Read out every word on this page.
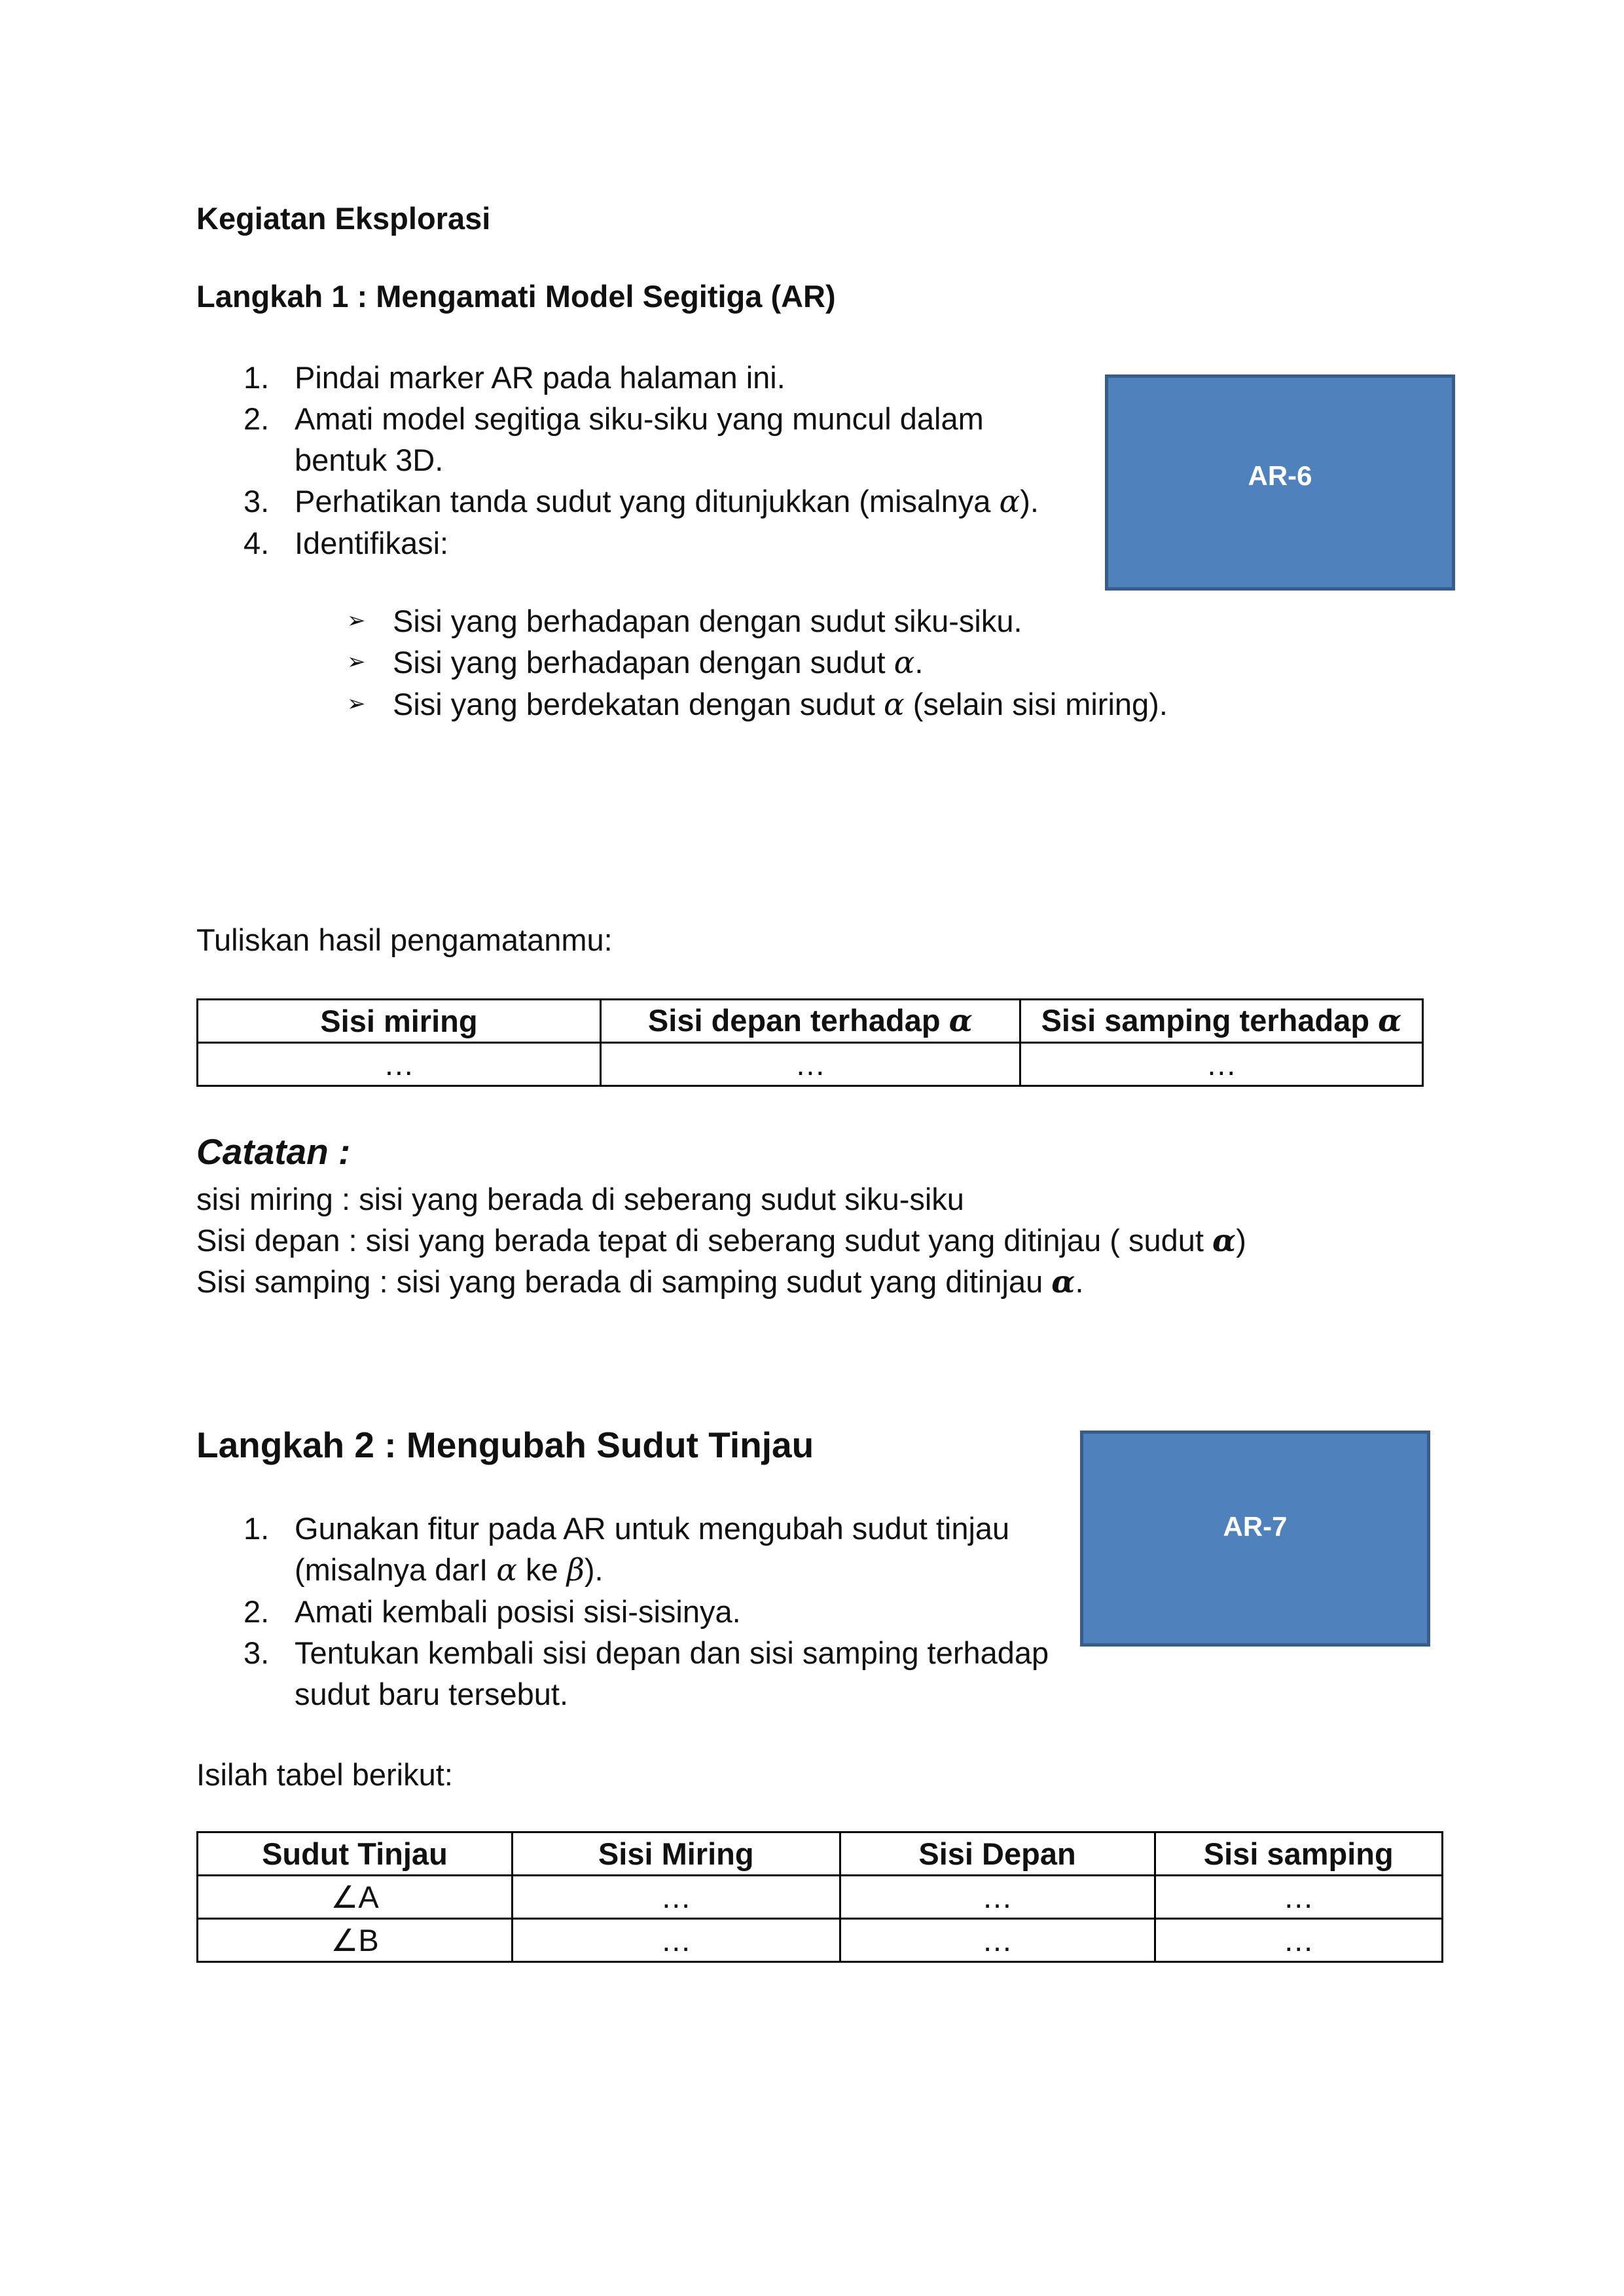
Kegiatan Eksplorasi
Langkah 1 : Mengamati Model Segitiga (AR)
1. Pindai marker AR pada halaman ini.
2. Amati model segitiga siku-siku yang muncul dalam
bentuk 3D.
3. Perhatikan tanda sudut yang ditunjukkan (misalnya α).
4. Identifikasi:
AR-6
➢ Sisi yang berhadapan dengan sudut siku-siku.
➢ Sisi yang berhadapan dengan sudut α.
➢ Sisi yang berdekatan dengan sudut α (selain sisi miring).
Tuliskan hasil pengamatanmu:
Sisi miring	Sisi depan terhadap α	Sisi samping terhadap α
…	…	…
Catatan :
sisi miring : sisi yang berada di seberang sudut siku-siku
Sisi depan : sisi yang berada tepat di seberang sudut yang ditinjau ( sudut α)
Sisi samping : sisi yang berada di samping sudut yang ditinjau α.
Langkah 2 : Mengubah Sudut Tinjau
AR-7
1. Gunakan fitur pada AR untuk mengubah sudut tinjau
(misalnya darI α ke β).
2. Amati kembali posisi sisi-sisinya.
3. Tentukan kembali sisi depan dan sisi samping terhadap
sudut baru tersebut.
Isilah tabel berikut:
Sudut Tinjau	Sisi Miring	Sisi Depan	Sisi samping
∠A	…	…	…
∠B	…	…	…
